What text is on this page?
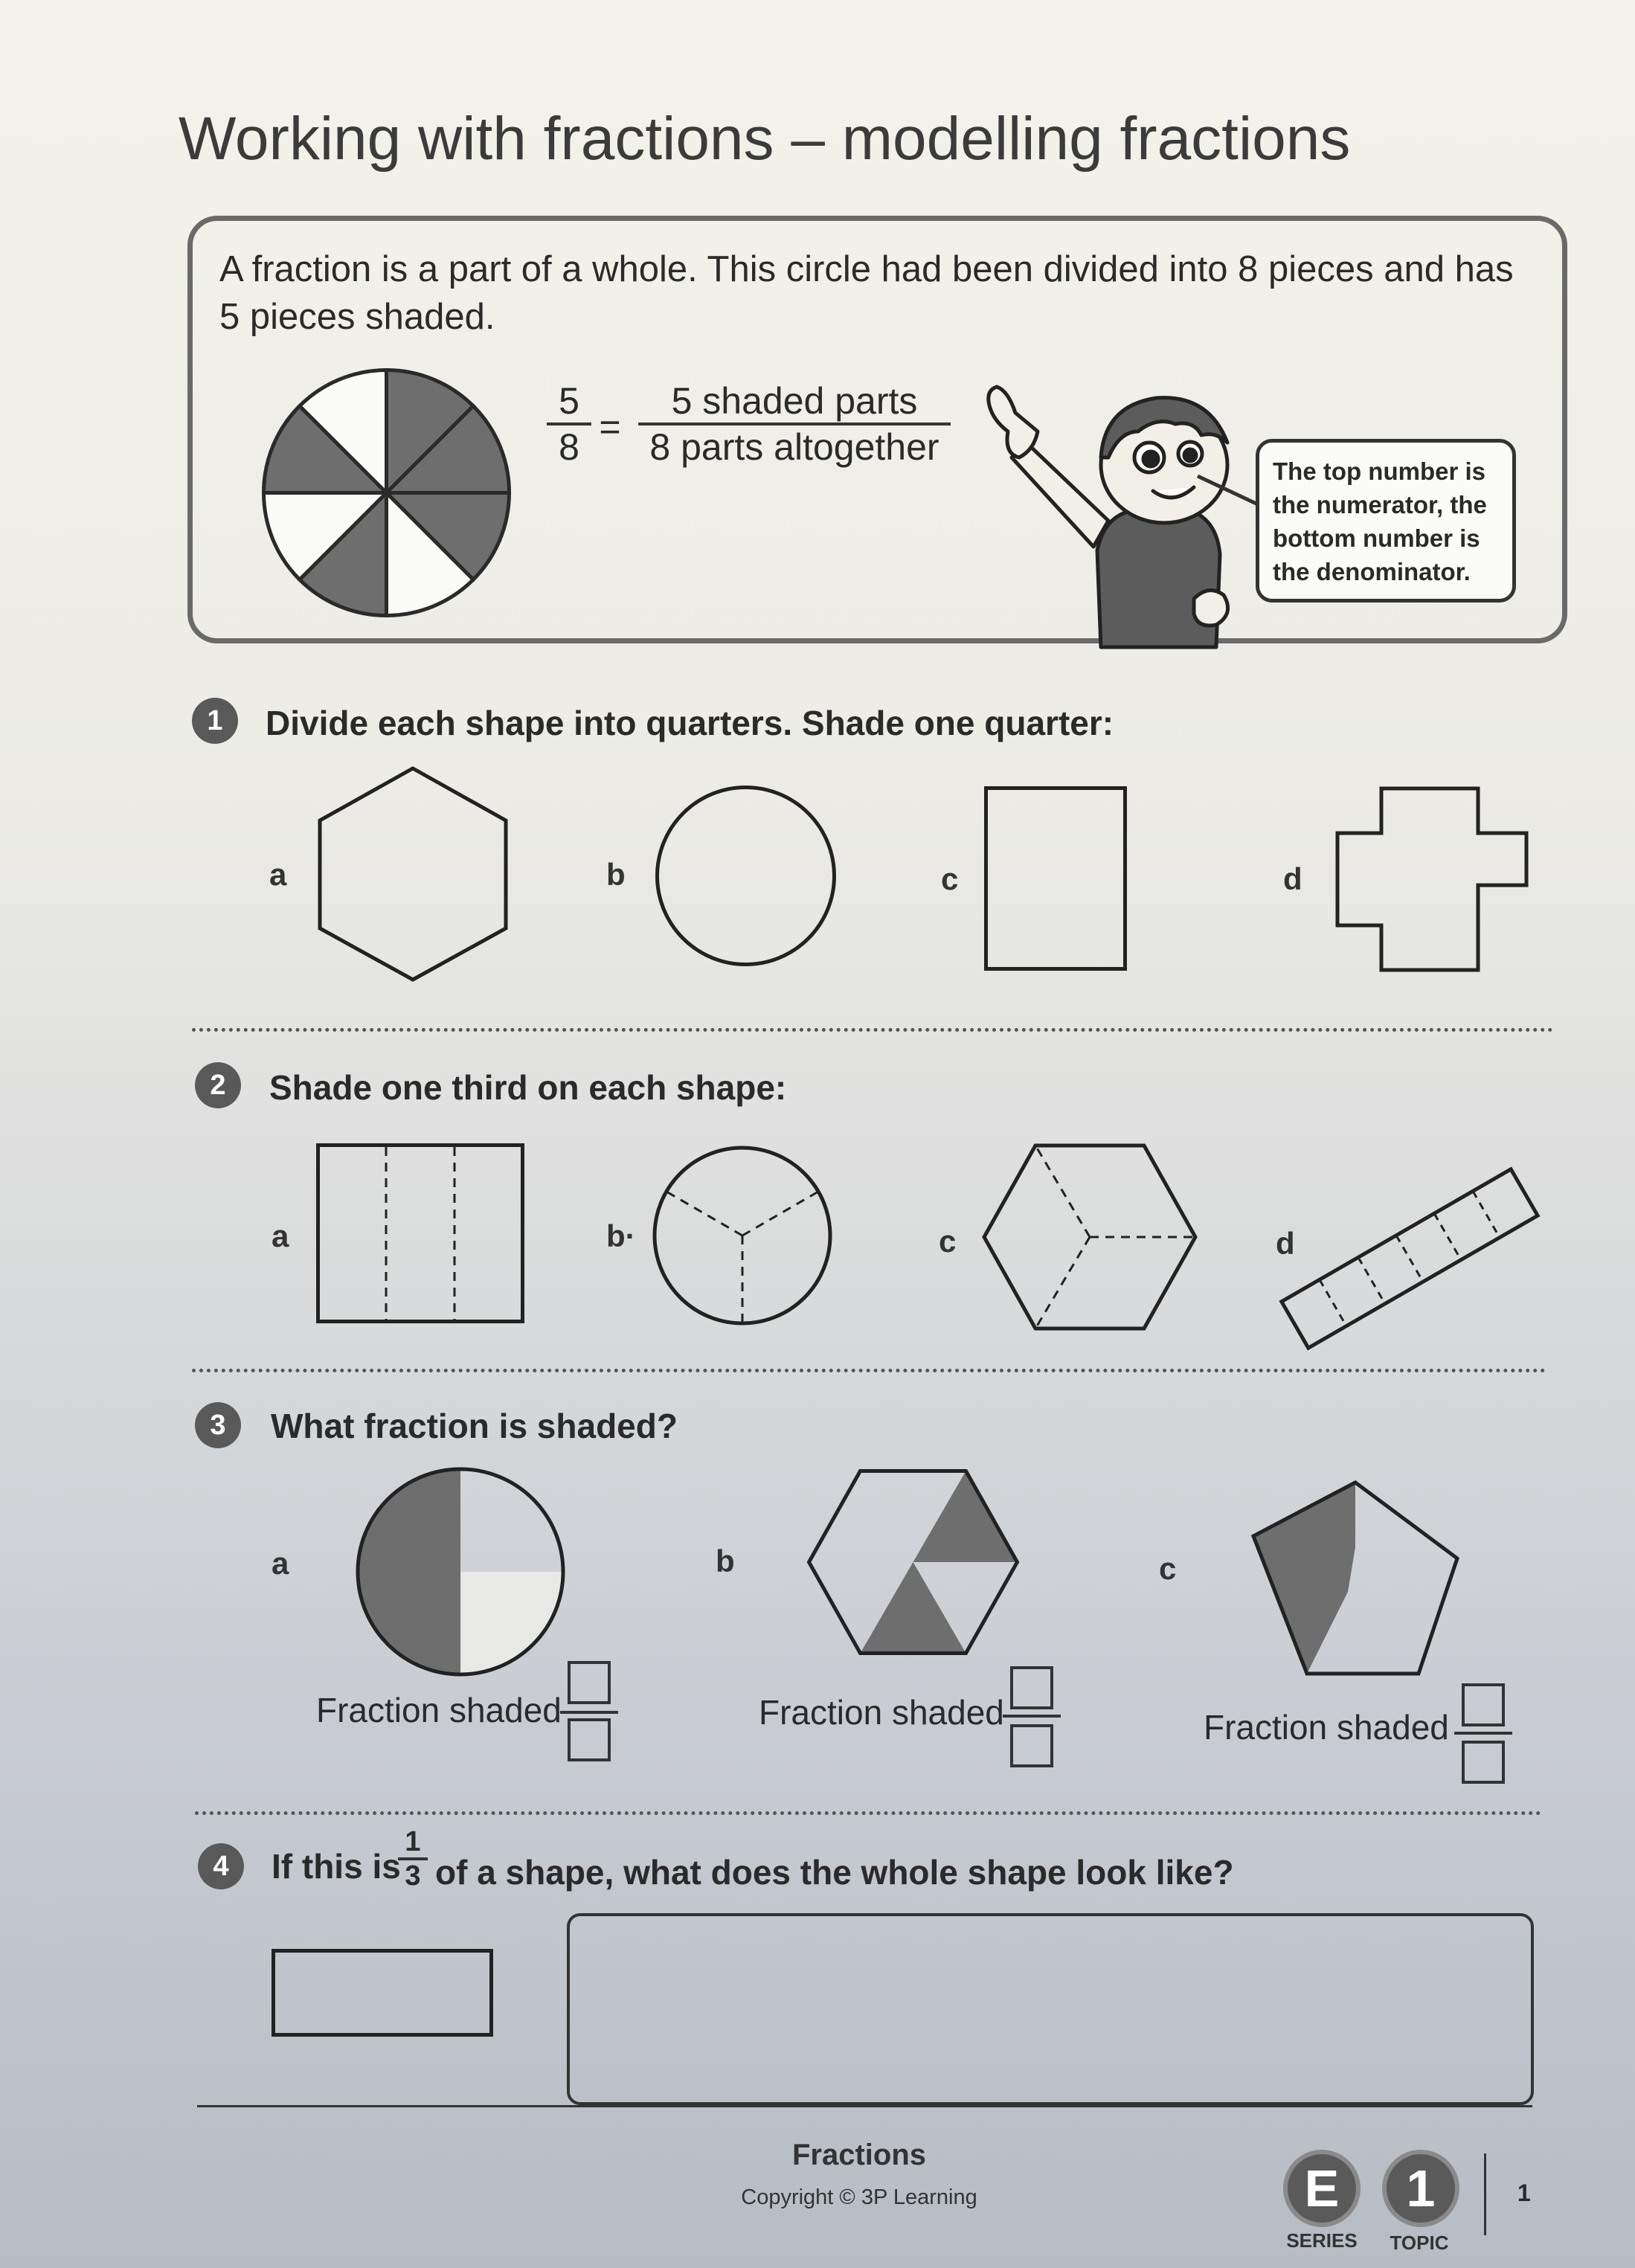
Working with fractions – modelling fractions
A fraction is a part of a whole. This circle had been divided into 8 pieces and has 5 pieces shaded.
5
8 =
5 shaded parts
8 parts altogether
The top number is the numerator, the bottom number is the denominator.
1	Divide each shape into quarters. Shade one quarter:
a	b	c	d
2	Shade one third on each shape:
a	b·	c	d
3	What fraction is shaded?
a
Fraction shaded
b
Fraction shaded
c
Fraction shaded
4	If this is
1
3 of a shape, what does the whole shape look like?
Fractions
Copyright © 3P Learning	E
SERIES
1
TOPIC
1
